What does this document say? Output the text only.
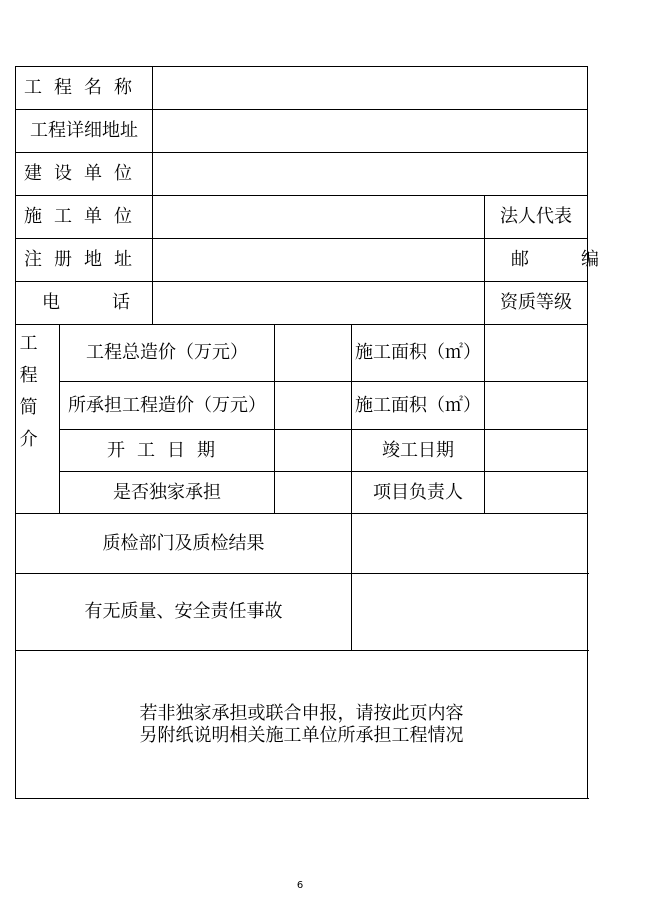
工程名称						
工程详细地址						
建设单位						
施工单位					法人代表	
注册地址					邮编	
电话					资质等级	

工程简介	工程总造价（万元）			施工面积（㎡）		
	所承担工程造价（万元）			施工面积（㎡）		
	开工日期			竣工日期		
	是否独家承担			项目负责人		
质检部门及质检结果						
有无质量、安全责任事故						

若非独家承担或联合申报，请按此页内容
另附纸说明相关施工单位所承担工程情况						
6
